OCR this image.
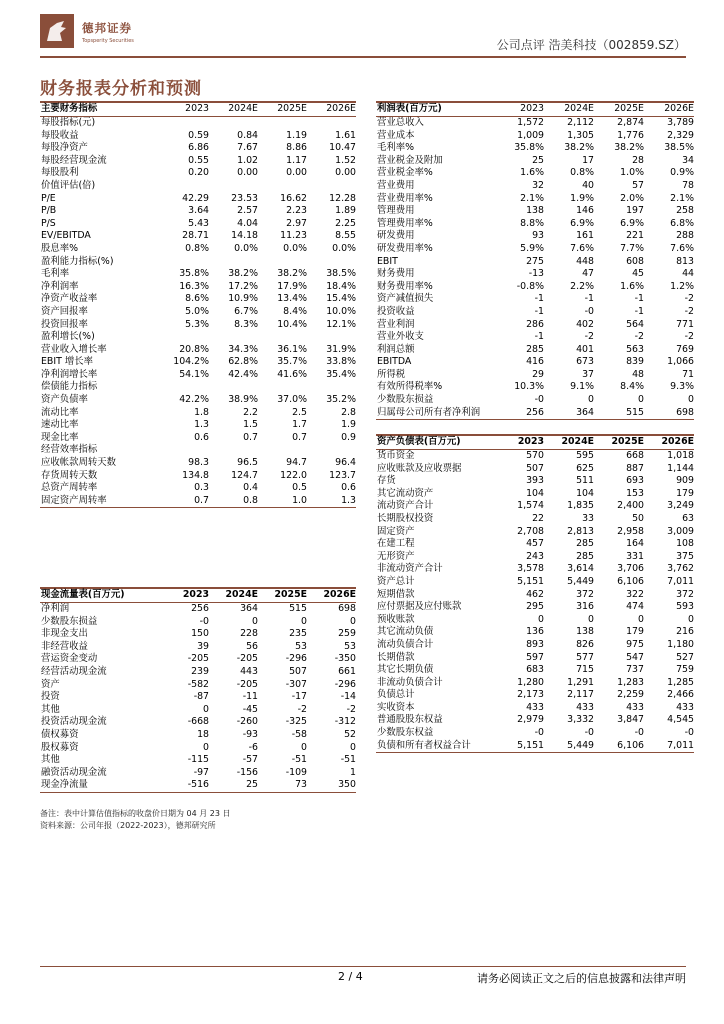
德邦证券
Topsperity Securities	公司点评 浩美科技（002859.SZ）
财务报表分析和预测
主要财务指标	2023	2024E	2025E	2026E
每股指标(元)				
每股收益	0.59	0.84	1.19	1.61
每股净资产	6.86	7.67	8.86	10.47
每股经营现金流	0.55	1.02	1.17	1.52
每股股利	0.20	0.00	0.00	0.00
价值评估(倍)				
P/E	42.29	23.53	16.62	12.28
P/B	3.64	2.57	2.23	1.89
P/S	5.43	4.04	2.97	2.25
EV/EBITDA	28.71	14.18	11.23	8.55
股息率%	0.8%	0.0%	0.0%	0.0%
盈利能力指标(%)				
毛利率	35.8%	38.2%	38.2%	38.5%
净利润率	16.3%	17.2%	17.9%	18.4%
净资产收益率	8.6%	10.9%	13.4%	15.4%
资产回报率	5.0%	6.7%	8.4%	10.0%
投资回报率	5.3%	8.3%	10.4%	12.1%
盈利增长(%)				
营业收入增长率	20.8%	34.3%	36.1%	31.9%
EBIT 增长率	104.2%	62.8%	35.7%	33.8%
净利润增长率	54.1%	42.4%	41.6%	35.4%
偿债能力指标				
资产负债率	42.2%	38.9%	37.0%	35.2%
流动比率	1.8	2.2	2.5	2.8
速动比率	1.3	1.5	1.7	1.9
现金比率	0.6	0.7	0.7	0.9
经营效率指标				
应收帐款周转天数	98.3	96.5	94.7	96.4
存货周转天数	134.8	124.7	122.0	123.7
总资产周转率	0.3	0.4	0.5	0.6
固定资产周转率	0.7	0.8	1.0	1.3
现金流量表(百万元)	2023	2024E	2025E	2026E
净利润	256	364	515	698
少数股东损益	-0	0	0	0
非现金支出	150	228	235	259
非经营收益	39	56	53	53
营运资金变动	-205	-205	-296	-350
经营活动现金流	239	443	507	661
资产	-582	-205	-307	-296
投资	-87	-11	-17	-14
其他	0	-45	-2	-2
投资活动现金流	-668	-260	-325	-312
债权募资	18	-93	-58	52
股权募资	0	-6	0	0
其他	-115	-57	-51	-51
融资活动现金流	-97	-156	-109	1
现金净流量	-516	25	73	350
利润表(百万元)	2023	2024E	2025E	2026E
营业总收入	1,572	2,112	2,874	3,789
营业成本	1,009	1,305	1,776	2,329
毛利率%	35.8%	38.2%	38.2%	38.5%
营业税金及附加	25	17	28	34
营业税金率%	1.6%	0.8%	1.0%	0.9%
营业费用	32	40	57	78
营业费用率%	2.1%	1.9%	2.0%	2.1%
管理费用	138	146	197	258
管理费用率%	8.8%	6.9%	6.9%	6.8%
研发费用	93	161	221	288
研发费用率%	5.9%	7.6%	7.7%	7.6%
EBIT	275	448	608	813
财务费用	-13	47	45	44
财务费用率%	-0.8%	2.2%	1.6%	1.2%
资产减值损失	-1	-1	-1	-2
投资收益	-1	-0	-1	-2
营业利润	286	402	564	771
营业外收支	-1	-2	-2	-2
利润总额	285	401	563	769
EBITDA	416	673	839	1,066
所得税	29	37	48	71
有效所得税率%	10.3%	9.1%	8.4%	9.3%
少数股东损益	-0	0	0	0
归属母公司所有者净利润	256	364	515	698
资产负债表(百万元)	2023	2024E	2025E	2026E
货币资金	570	595	668	1,018
应收账款及应收票据	507	625	887	1,144
存货	393	511	693	909
其它流动资产	104	104	153	179
流动资产合计	1,574	1,835	2,400	3,249
长期股权投资	22	33	50	63
固定资产	2,708	2,813	2,958	3,009
在建工程	457	285	164	108
无形资产	243	285	331	375
非流动资产合计	3,578	3,614	3,706	3,762
资产总计	5,151	5,449	6,106	7,011
短期借款	462	372	322	372
应付票据及应付账款	295	316	474	593
预收账款	0	0	0	0
其它流动负债	136	138	179	216
流动负债合计	893	826	975	1,180
长期借款	597	577	547	527
其它长期负债	683	715	737	759
非流动负债合计	1,280	1,291	1,283	1,285
负债总计	2,173	2,117	2,259	2,466
实收资本	433	433	433	433
普通股股东权益	2,979	3,332	3,847	4,545
少数股东权益	-0	-0	-0	-0
负债和所有者权益合计	5,151	5,449	6,106	7,011
备注：表中计算估值指标的收盘价日期为 04 月 23 日
资料来源：公司年报（2022-2023），德邦研究所
2 / 4	请务必阅读正文之后的信息披露和法律声明
